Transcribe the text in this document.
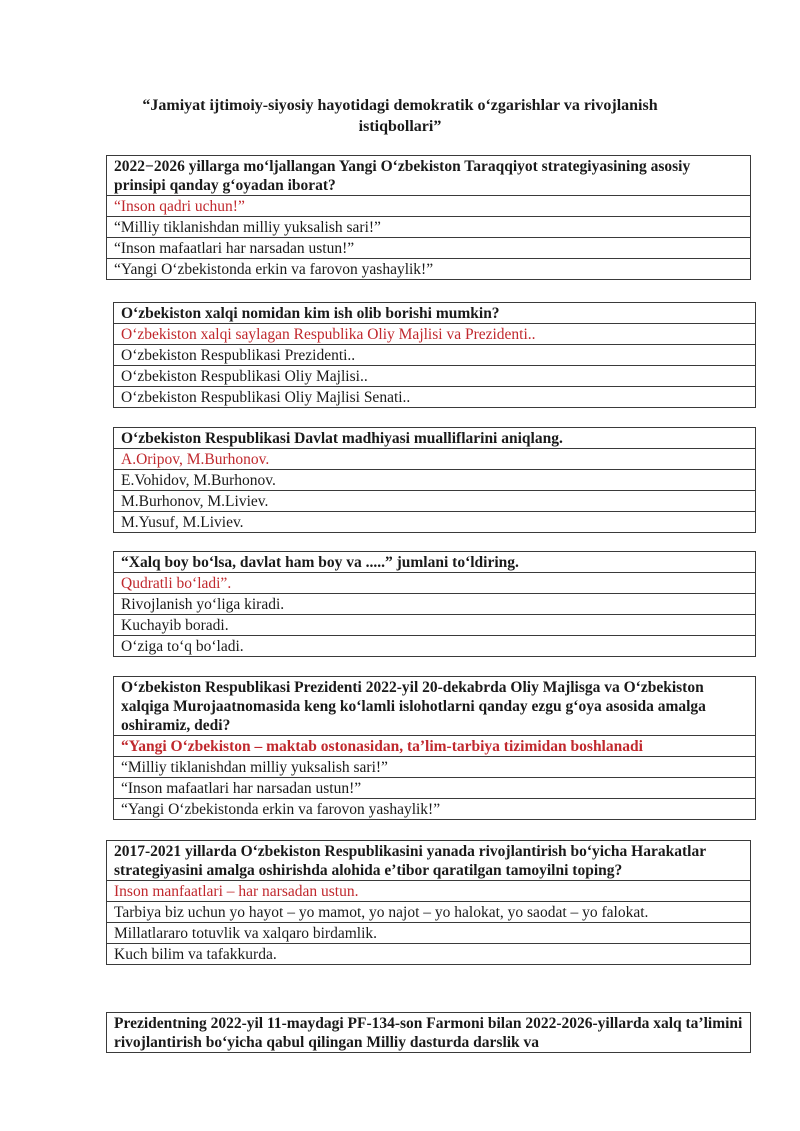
“Jamiyat ijtimoiy-siyosiy hayotidagi demokratik o‘zgarishlar va rivojlanish istiqbollari”
2022−2026 yillarga mo‘ljallangan Yangi O‘zbekiston Taraqqiyot strategiyasining asosiy prinsipi qanday g‘oyadan iborat?
“Inson qadri uchun!”
“Milliy tiklanishdan milliy yuksalish sari!”
“Inson mafaatlari har narsadan ustun!”
“Yangi O‘zbekistonda erkin va farovon yashaylik!”
O‘zbekiston xalqi nomidan kim ish olib borishi mumkin?
O‘zbekiston xalqi saylagan Respublika Oliy Majlisi va Prezidenti..
O‘zbekiston Respublikasi Prezidenti..
O‘zbekiston Respublikasi Oliy Majlisi..
O‘zbekiston Respublikasi Oliy Majlisi Senati..
O‘zbekiston Respublikasi Davlat madhiyasi mualliflarini aniqlang.
A.Oripov, M.Burhonov.
E.Vohidov, M.Burhonov.
M.Burhonov, M.Liviev.
M.Yusuf, M.Liviev.
“Xalq boy bo‘lsa, davlat ham boy va .....” jumlani to‘ldiring.
Qudratli bo‘ladi”.
Rivojlanish yo‘liga kiradi.
Kuchayib boradi.
O‘ziga to‘q bo‘ladi.
O‘zbekiston Respublikasi Prezidenti 2022-yil 20-dekabrda Oliy Majlisga va O‘zbekiston xalqiga Murojaatnomasida keng ko‘lamli islohotlarni qanday ezgu g‘oya asosida amalga oshiramiz, dedi?
“Yangi O‘zbekiston – maktab ostonasidan, ta’lim-tarbiya tizimidan boshlanadi
“Milliy tiklanishdan milliy yuksalish sari!”
“Inson mafaatlari har narsadan ustun!”
“Yangi O‘zbekistonda erkin va farovon yashaylik!”
2017-2021 yillarda O‘zbekiston Respublikasini yanada rivojlantirish bo‘yicha Harakatlar strategiyasini amalga oshirishda alohida e’tibor qaratilgan tamoyilni toping?
Inson manfaatlari – har narsadan ustun.
Tarbiya biz uchun yo hayot – yo mamot, yo najot – yo halokat, yo saodat – yo falokat.
Millatlararo totuvlik va xalqaro birdamlik.
Kuch bilim va tafakkurda.
Prezidentning 2022-yil 11-maydagi PF-134-son Farmoni bilan 2022-2026-yillarda xalq ta’limini rivojlantirish bo‘yicha qabul qilingan Milliy dasturda darslik va
